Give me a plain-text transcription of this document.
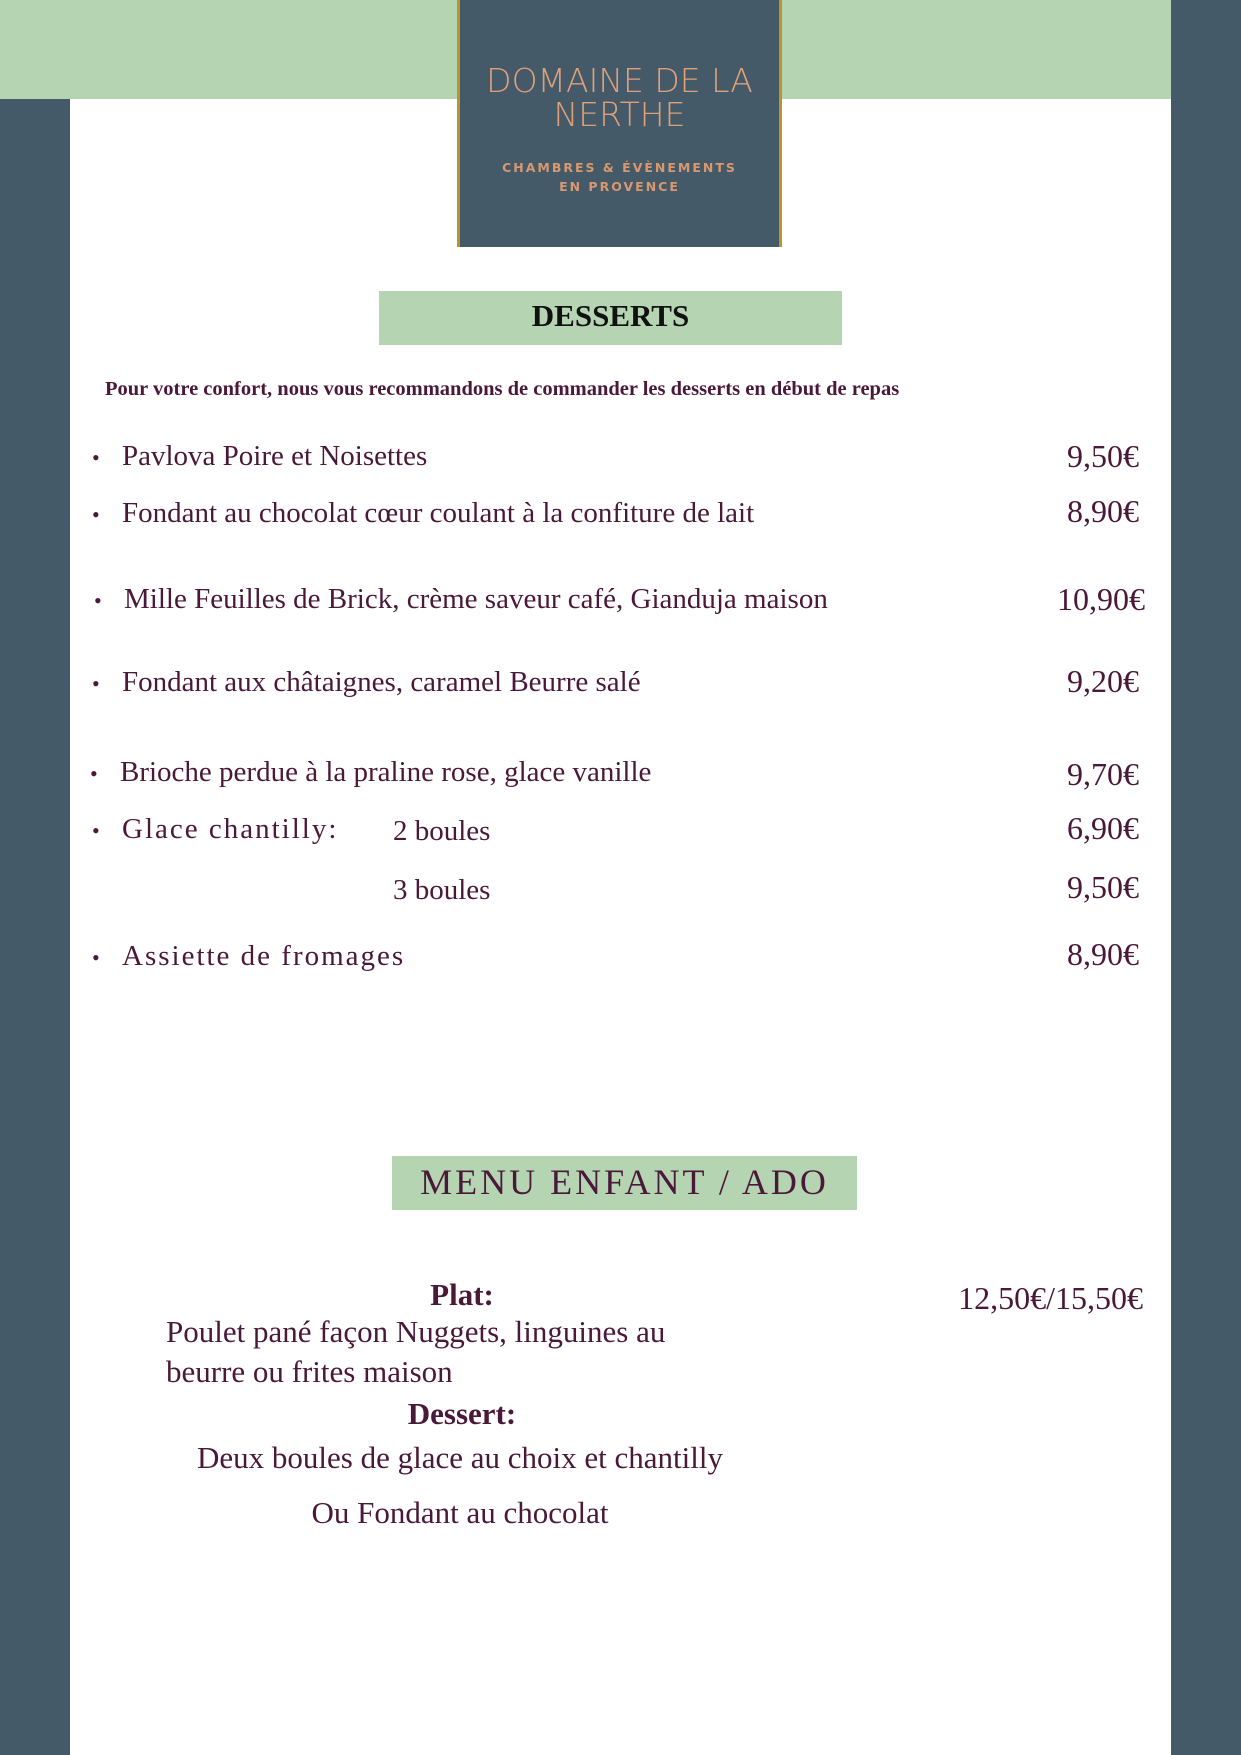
DOMAINE DE LA
NERTHE
CHAMBRES & ÉVÈNEMENTS
EN PROVENCE
DESSERTS
Pour votre confort, nous vous recommandons de commander les desserts en début de repas
• Pavlova Poire et Noisettes	9,50€
• Fondant au chocolat cœur coulant à la confiture de lait	8,90€
• Mille Feuilles de Brick, crème saveur café, Gianduja maison	10,90€
• Fondant aux châtaignes, caramel Beurre salé	9,20€
• Brioche perdue à la praline rose, glace vanille	9,70€
• Glace chantilly: 2 boules	6,90€
3 boules	9,50€
• Assiette de fromages	8,90€
MENU ENFANT / ADO
Plat:	12,50€/15,50€
Poulet pané façon Nuggets, linguines au
beurre ou frites maison
Dessert:
Deux boules de glace au choix et chantilly
Ou Fondant au chocolat
